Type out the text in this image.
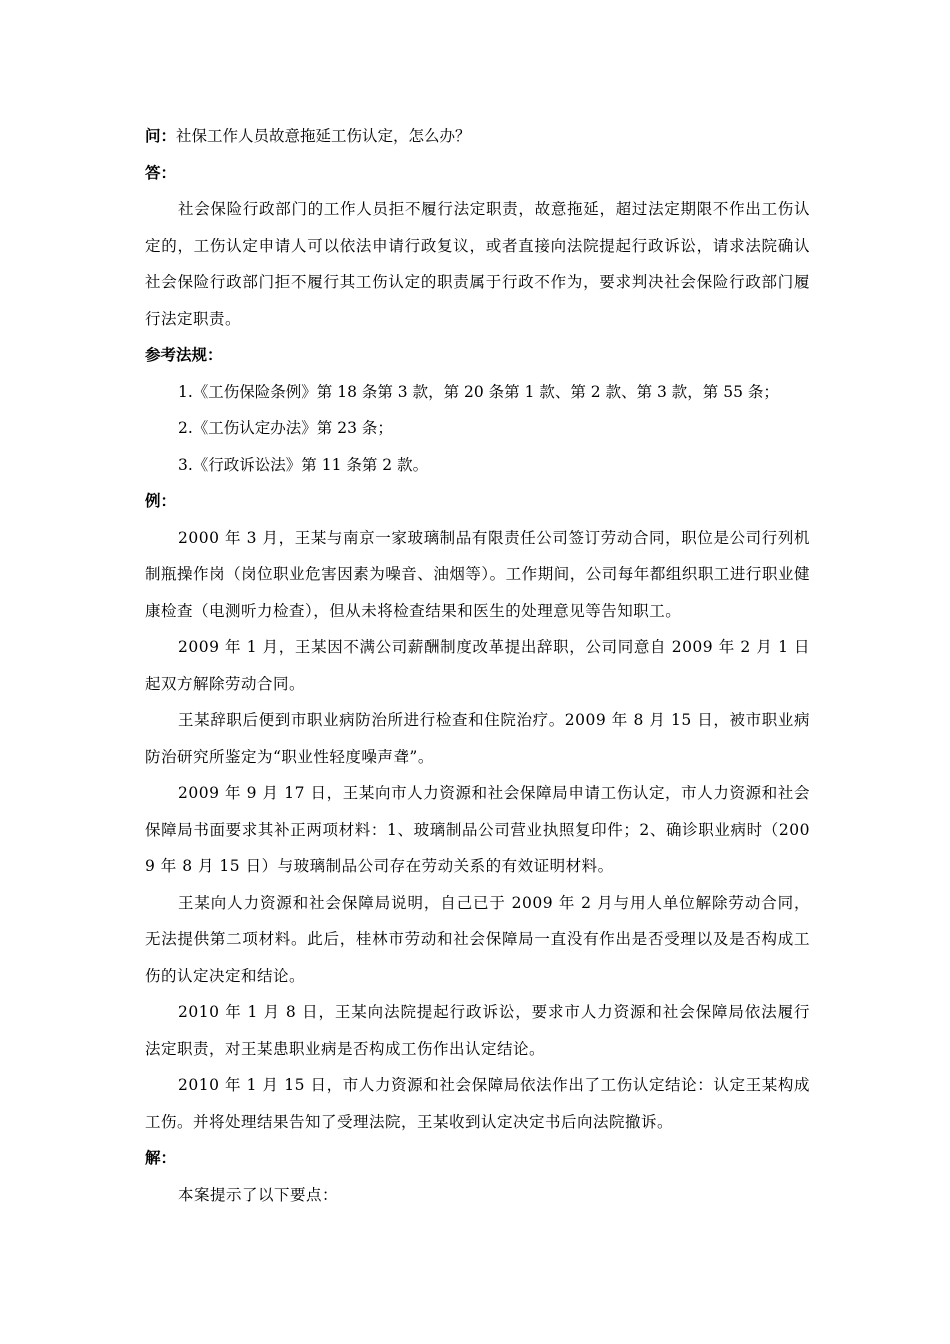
问：社保工作人员故意拖延工伤认定，怎么办？

答：

社会保险行政部门的工作人员拒不履行法定职责，故意拖延，超过法定期限不作出工伤认定的，工伤认定申请人可以依法申请行政复议，或者直接向法院提起行政诉讼，请求法院确认社会保险行政部门拒不履行其工伤认定的职责属于行政不作为，要求判决社会保险行政部门履行法定职责。

参考法规：

1.《工伤保险条例》第 18 条第 3 款，第 20 条第 1 款、第 2 款、第 3 款，第 55 条；

2.《工伤认定办法》第 23 条；

3.《行政诉讼法》第 11 条第 2 款。

例：

2000 年 3 月，王某与南京一家玻璃制品有限责任公司签订劳动合同，职位是公司行列机制瓶操作岗（岗位职业危害因素为噪音、油烟等）。工作期间，公司每年都组织职工进行职业健康检查（电测听力检查），但从未将检查结果和医生的处理意见等告知职工。

2009 年 1 月，王某因不满公司薪酬制度改革提出辞职，公司同意自 2009 年 2 月 1 日起双方解除劳动合同。

王某辞职后便到市职业病防治所进行检查和住院治疗。2009 年 8 月 15 日，被市职业病防治研究所鉴定为“职业性轻度噪声聋”。

2009 年 9 月 17 日，王某向市人力资源和社会保障局申请工伤认定，市人力资源和社会保障局书面要求其补正两项材料：1、玻璃制品公司营业执照复印件；2、确诊职业病时（2009 年 8 月 15 日）与玻璃制品公司存在劳动关系的有效证明材料。

王某向人力资源和社会保障局说明，自己已于 2009 年 2 月与用人单位解除劳动合同，无法提供第二项材料。此后，桂林市劳动和社会保障局一直没有作出是否受理以及是否构成工伤的认定决定和结论。

2010 年 1 月 8 日，王某向法院提起行政诉讼，要求市人力资源和社会保障局依法履行法定职责，对王某患职业病是否构成工伤作出认定结论。

2010 年 1 月 15 日，市人力资源和社会保障局依法作出了工伤认定结论：认定王某构成工伤。并将处理结果告知了受理法院，王某收到认定决定书后向法院撤诉。

解：

本案提示了以下要点：
